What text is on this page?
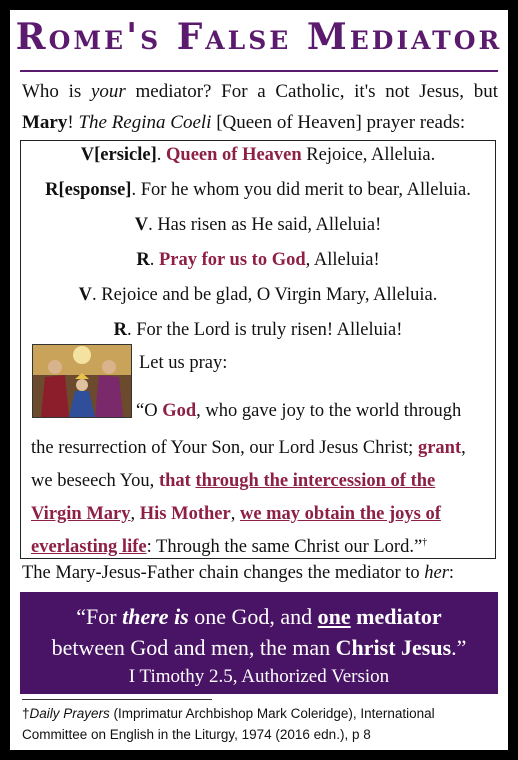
Rome's False Mediator
Who is your mediator? For a Catholic, it's not Jesus, but
Mary! The Regina Coeli [Queen of Heaven] prayer reads:
V[ersicle]. Queen of Heaven Rejoice, Alleluia.
R[esponse]. For he whom you did merit to bear, Alleluia.
V. Has risen as He said, Alleluia!
R. Pray for us to God, Alleluia!
V. Rejoice and be glad, O Virgin Mary, Alleluia.
R. For the Lord is truly risen! Alleluia!
Let us pray:
“O God, who gave joy to the world through
the resurrection of Your Son, our Lord Jesus Christ; grant,
we beseech You, that through the intercession of the
Virgin Mary, His Mother, we may obtain the joys of
everlasting life: Through the same Christ our Lord.”†
The Mary-Jesus-Father chain changes the mediator to her:
“For there is one God, and one mediator
between God and men, the man Christ Jesus.”
I Timothy 2.5, Authorized Version
†Daily Prayers (Imprimatur Archbishop Mark Coleridge), International
Committee on English in the Liturgy, 1974 (2016 edn.), p 8
